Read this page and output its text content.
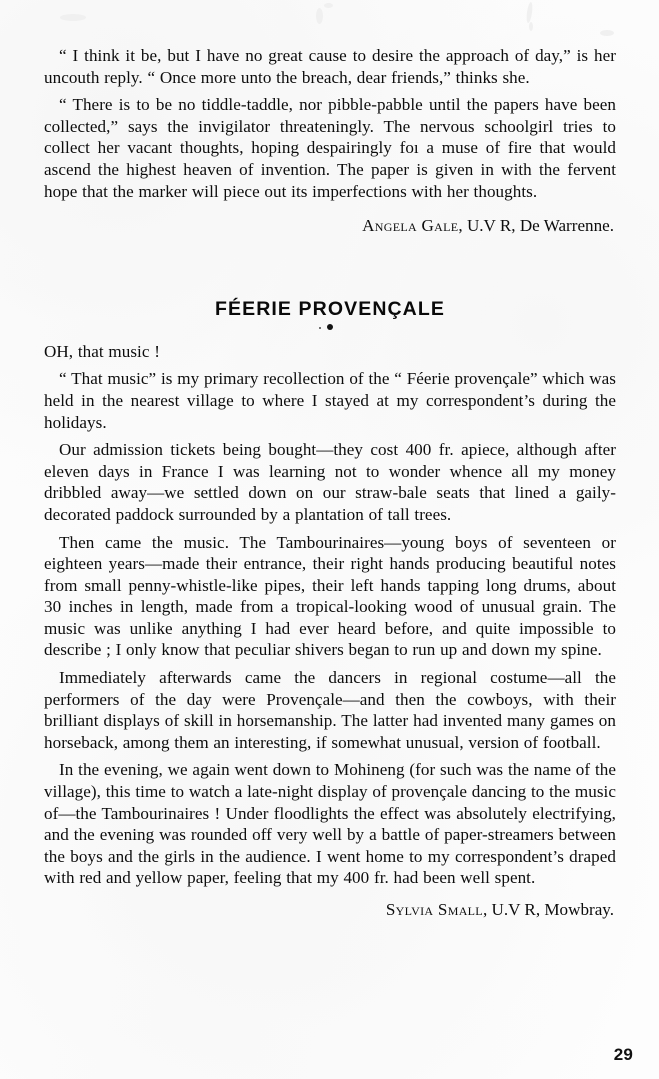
“ I think it be, but I have no great cause to desire the approach of day,” is her uncouth reply. “ Once more unto the breach, dear friends,” thinks she.

“ There is to be no tiddle-taddle, nor pibble-pabble until the papers have been collected,” says the invigilator threateningly. The nervous schoolgirl tries to collect her vacant thoughts, hoping despairingly foı a muse of fire that would ascend the highest heaven of invention. The paper is given in with the fervent hope that the marker will piece out its imperfections with her thoughts.

Angela Gale, U.V R, De Warrenne.

FÉERIE PROVENÇALE

OH, that music !

“ That music” is my primary recollection of the “ Féerie provençale” which was held in the nearest village to where I stayed at my correspondent’s during the holidays.

Our admission tickets being bought—they cost 400 fr. apiece, although after eleven days in France I was learning not to wonder whence all my money dribbled away—we settled down on our straw-bale seats that lined a gaily-decorated paddock surrounded by a plantation of tall trees.

Then came the music. The Tambourinaires—young boys of seventeen or eighteen years—made their entrance, their right hands producing beautiful notes from small penny-whistle-like pipes, their left hands tapping long drums, about 30 inches in length, made from a tropical-looking wood of unusual grain. The music was unlike anything I had ever heard before, and quite impossible to describe ; I only know that peculiar shivers began to run up and down my spine.

Immediately afterwards came the dancers in regional costume—all the performers of the day were Provençale—and then the cowboys, with their brilliant displays of skill in horsemanship. The latter had invented many games on horseback, among them an interesting, if somewhat unusual, version of football.

In the evening, we again went down to Mohineng (for such was the name of the village), this time to watch a late-night display of provençale dancing to the music of—the Tambourinaires ! Under floodlights the effect was absolutely electrifying, and the evening was rounded off very well by a battle of paper-streamers between the boys and the girls in the audience. I went home to my correspondent’s draped with red and yellow paper, feeling that my 400 fr. had been well spent.

Sylvia Small, U.V R, Mowbray.

29
